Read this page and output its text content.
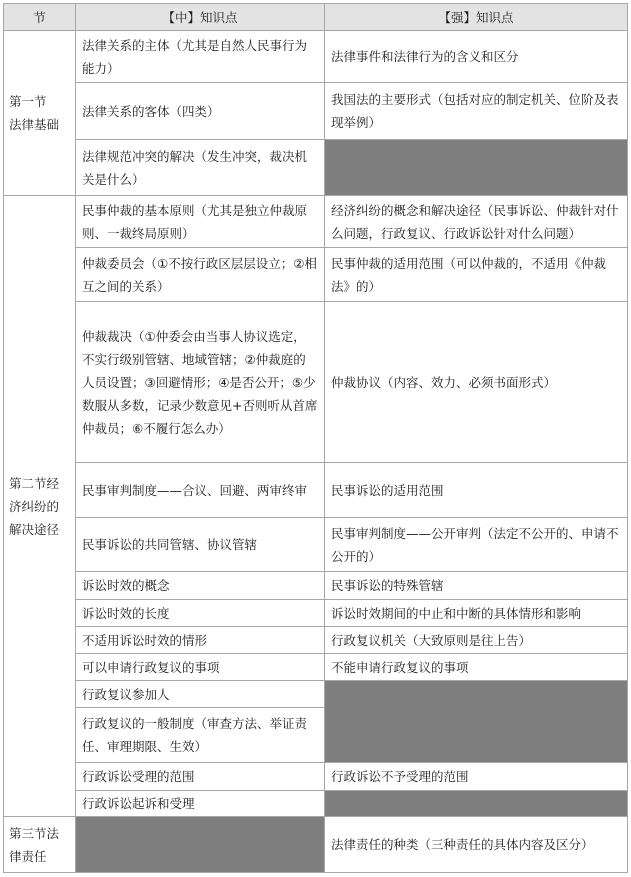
节	【中】知识点	【强】知识点
第一节
法律基础	法律关系的主体（尤其是自然人民事行为能力）	法律事件和法律行为的含义和区分
	法律关系的客体（四类）	我国法的主要形式（包括对应的制定机关、位阶及表现举例）
	法律规范冲突的解决（发生冲突，裁决机关是什么）	
第二节经
济纠纷的
解决途径	民事仲裁的基本原则（尤其是独立仲裁原则、一裁终局原则）	经济纠纷的概念和解决途径（民事诉讼、仲裁针对什么问题，行政复议、行政诉讼针对什么问题）
	仲裁委员会（①不按行政区层层设立；②相互之间的关系）	民事仲裁的适用范围（可以仲裁的，不适用《仲裁法》的）
	仲裁裁决（①仲委会由当事人协议选定，不实行级别管辖、地域管辖；②仲裁庭的人员设置；③回避情形；④是否公开；⑤少数服从多数，记录少数意见+否则听从首席仲裁员；⑥不履行怎么办）	仲裁协议（内容、效力、必须书面形式）
	民事审判制度——合议、回避、两审终审	民事诉讼的适用范围
	民事诉讼的共同管辖、协议管辖	民事审判制度——公开审判（法定不公开的、申请不公开的）
	诉讼时效的概念	民事诉讼的特殊管辖
	诉讼时效的长度	诉讼时效期间的中止和中断的具体情形和影响
	不适用诉讼时效的情形	行政复议机关（大致原则是往上告）
	可以申请行政复议的事项	不能申请行政复议的事项
	行政复议参加人	
	行政复议的一般制度（审查方法、举证责任、审理期限、生效）	
	行政诉讼受理的范围	行政诉讼不予受理的范围
	行政诉讼起诉和受理	
第三节法
律责任		法律责任的种类（三种责任的具体内容及区分）
